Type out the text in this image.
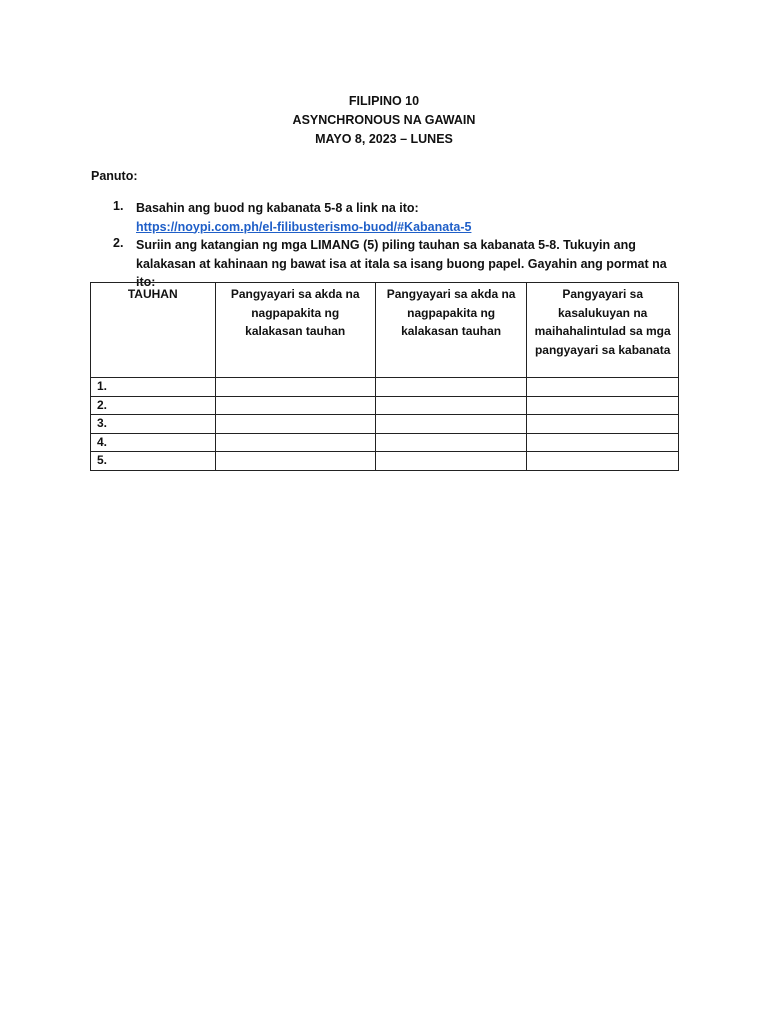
FILIPINO 10
ASYNCHRONOUS NA GAWAIN
MAYO 8, 2023 – LUNES
Panuto:
1. Basahin ang buod ng kabanata 5-8 a link na ito:
https://noypi.com.ph/el-filibusterismo-buod/#Kabanata-5
2. Suriin ang katangian ng mga LIMANG (5) piling tauhan sa kabanata 5-8. Tukuyin ang kalakasan at kahinaan ng bawat isa at itala sa isang buong papel. Gayahin ang pormat na ito:
TAUHAN	Pangyayari sa akda na nagpapakita ng kalakasan tauhan	Pangyayari sa akda na nagpapakita ng kalakasan tauhan	Pangyayari sa kasalukuyan na maihahalintulad sa mga pangyayari sa kabanata
1.			
2.			
3.			
4.			
5.			
